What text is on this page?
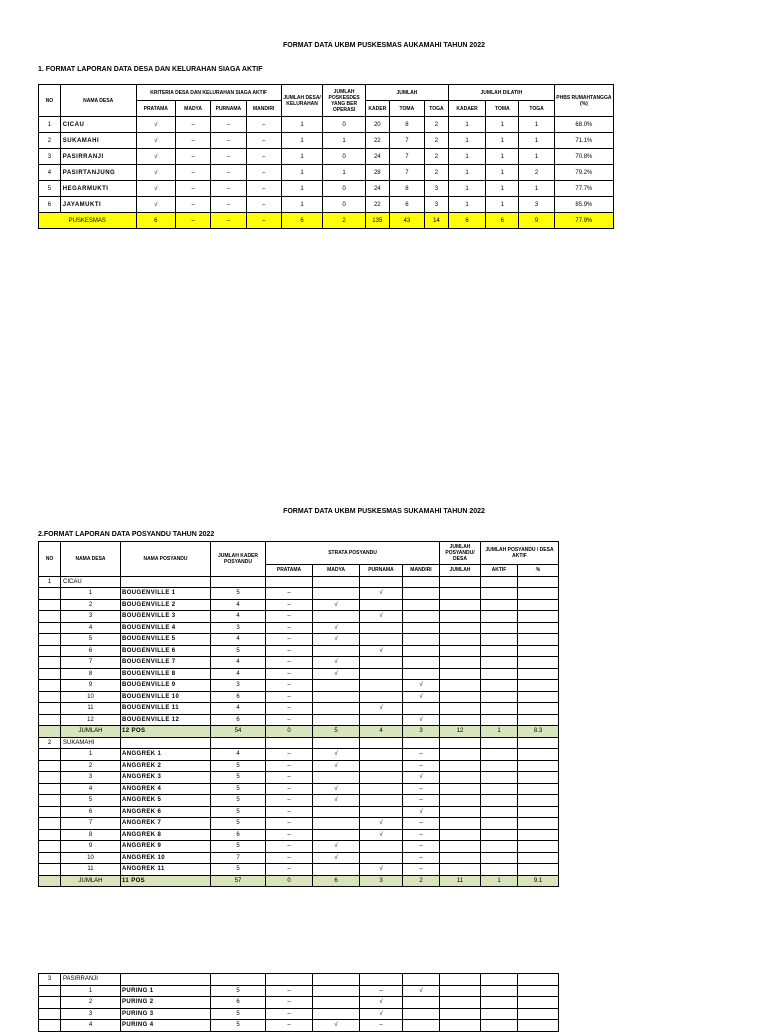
FORMAT DATA UKBM PUSKESMAS AUKAMAHI TAHUN 2022
1. FORMAT LAPORAN DATA DESA DAN KELURAHAN SIAGA AKTIF
NO	NAMA DESA	KRITERIA DESA DAN KELURAHAN SIAGA AKTIF				JUMLAH DESA/ KELURAHAN	JUMLAH POSKESDES YANG BER OPERASI	JUMLAH			JUMLAH DILATIH			PHBS RUMAHTANGGA (%)
		PRATAMA	MADYA	PURNAMA	MANDIRI			KADER	TOMA	TOGA	KADAER	TOMA	TOGA	
1	CICAU	√	–	–	–	1	0	20	8	2	1	1	1	68.0%
2	SUKAMAHI	√	–	–	–	1	1	22	7	2	1	1	1	71.1%
3	PASIRRANJI	√	–	–	–	1	0	24	7	2	1	1	1	70.8%
4	PASIRTANJUNG	√	–	–	–	1	1	28	7	2	1	1	2	79.2%
5	HEGARMUKTI	√	–	–	–	1	0	24	8	3	1	1	1	77.7%
6	JAYAMUKTI	√	–	–	–	1	0	22	6	3	1	1	3	85.9%
PUSKESMAS		6	–	–	–	6	2	135	43	14	6	6	9	77.9%
FORMAT DATA UKBM PUSKESMAS SUKAMAHI TAHUN 2022
2.FORMAT LAPORAN DATA POSYANDU TAHUN 2022
NO	NAMA DESA	NAMA POSYANDU	JUMLAH KADER POSYANDU	STRATA POSYANDU				JUMLAH POSYANDU/ DESA	JUMLAH POSYANDU / DESA AKTIF	
				PRATAMA	MADYA	PURNAMA	MANDIRI	JUMLAH	AKTIF	%
1	CICAU									
	1	BOUGENVILLE 1	5	–		√				
	2	BOUGENVILLE 2	4	–	√					
	3	BOUGENVILLE 3	4	–		√				
	4	BOUGENVILLE 4	3	–	√					
	5	BOUGENVILLE 5	4	–	√					
	6	BOUGENVILLE 6	5	–		√				
	7	BOUGENVILLE 7	4	–	√					
	8	BOUGENVILLE 8	4	–	√					
	9	BOUGENVILLE 9	3	–			√			
	10	BOUGENVILLE 10	6	–			√			
	11	BOUGENVILLE 11	4	–		√				
	12	BOUGENVILLE 12	6	–			√			
	JUMLAH	12 POS	54	0	5	4	3	12	1	8.3
2	SUKAMAHI									
	1	ANGGREK 1	4	–	√		–			
	2	ANGGREK 2	5	–	√		–			
	3	ANGGREK 3	5	–			√			
	4	ANGGREK 4	5	–	√		–			
	5	ANGGREK 5	5	–	√		–			
	6	ANGGREK 6	5	–			√			
	7	ANGGREK 7	5	–		√	–			
	8	ANGGREK 8	6	–		√	–			
	9	ANGGREK 9	5	–	√		–			
	10	ANGGREK 10	7	–	√		–			
	11	ANGGREK 11	5	–		√	–			
	JUMLAH	11 POS	57	0	6	3	2	11	1	9.1
3	PASIRRANJI									
	1	PURING 1	5	–		–	√			
	2	PURING 2	6	–		√				
	3	PURING 3	5	–		√				
	4	PURING 4	5	–	√	–				
